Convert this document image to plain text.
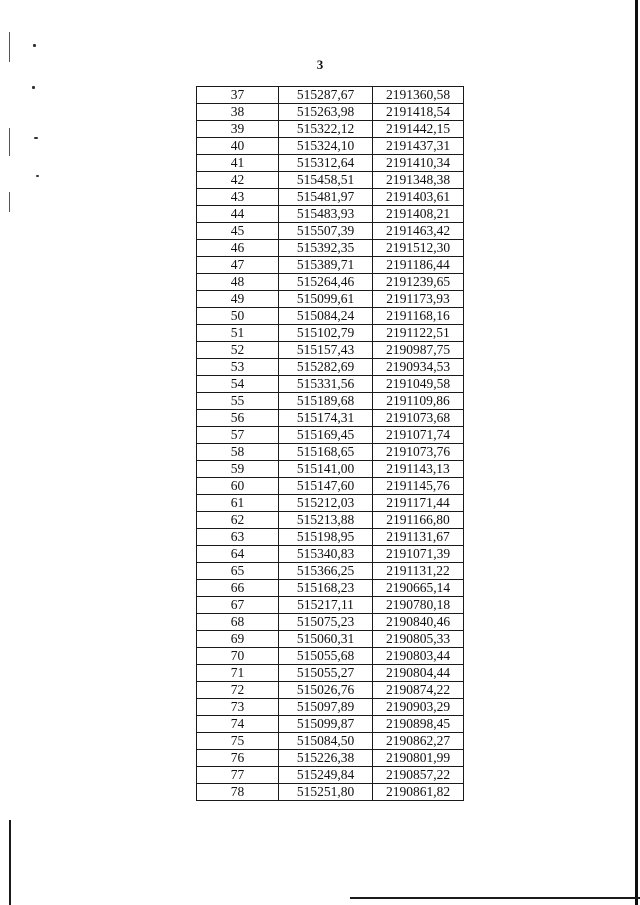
3
37	515287,67	2191360,58
38	515263,98	2191418,54
39	515322,12	2191442,15
40	515324,10	2191437,31
41	515312,64	2191410,34
42	515458,51	2191348,38
43	515481,97	2191403,61
44	515483,93	2191408,21
45	515507,39	2191463,42
46	515392,35	2191512,30
47	515389,71	2191186,44
48	515264,46	2191239,65
49	515099,61	2191173,93
50	515084,24	2191168,16
51	515102,79	2191122,51
52	515157,43	2190987,75
53	515282,69	2190934,53
54	515331,56	2191049,58
55	515189,68	2191109,86
56	515174,31	2191073,68
57	515169,45	2191071,74
58	515168,65	2191073,76
59	515141,00	2191143,13
60	515147,60	2191145,76
61	515212,03	2191171,44
62	515213,88	2191166,80
63	515198,95	2191131,67
64	515340,83	2191071,39
65	515366,25	2191131,22
66	515168,23	2190665,14
67	515217,11	2190780,18
68	515075,23	2190840,46
69	515060,31	2190805,33
70	515055,68	2190803,44
71	515055,27	2190804,44
72	515026,76	2190874,22
73	515097,89	2190903,29
74	515099,87	2190898,45
75	515084,50	2190862,27
76	515226,38	2190801,99
77	515249,84	2190857,22
78	515251,80	2190861,82
